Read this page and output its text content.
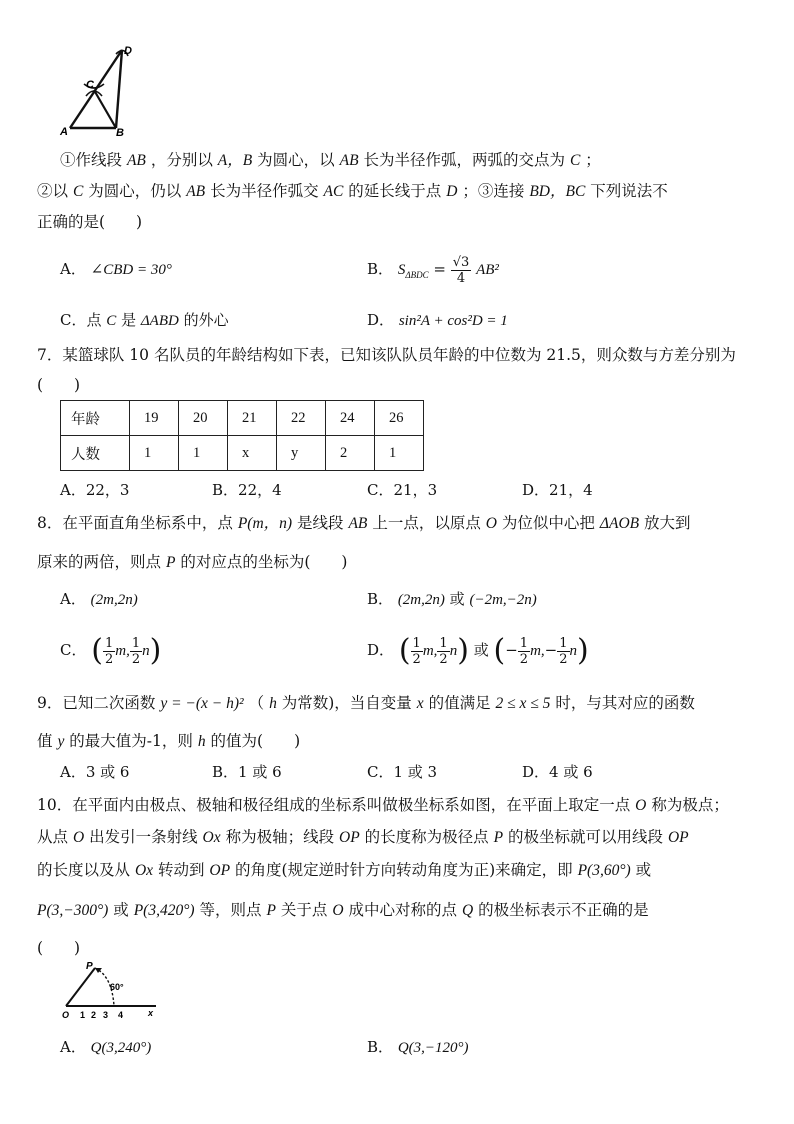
D
C
A	B
①作线段 AB ，分别以 A，B 为圆心，以 AB 长为半径作弧，两弧的交点为 C ；
②以 C 为圆心，仍以 AB 长为半径作弧交 AC 的延长线于点 D ；③连接 BD，BC 下列说法不
正确的是(　　)
A． ∠CBD = 30°	B． $S_{\Delta BDC} = \frac{√3}{4} AB^2$
C．点 C 是 ΔABD 的外心	D． sin²A + cos²D = 1
7．某篮球队 10 名队员的年龄结构如下表，已知该队队员年龄的中位数为 21.5，则众数与方差分别为
(　　)
年龄	19	20	21	22	24	26
人数	1	1	x	y	2	1
A．22，3	B．22，4	C．21，3	D．21，4
8．在平面直角坐标系中，点 P(m，n) 是线段 AB 上一点，以原点 O 为位似中心把 ΔAOB 放大到
原来的两倍，则点 P 的对应点的坐标为(　　)
A． (2m,2n)	B． (2m,2n) 或 (−2m,−2n)
C． ( $\frac{1}{2} m$, $\frac{1}{2} n$)	D． ( $\frac{1}{2} m$, $\frac{1}{2} n$) 或 (− $\frac{1}{2} m,- \frac{1}{2} n$)
9．已知二次函数 y = −(x − h)² （ h 为常数)，当自变量 x 的值满足 2 ≤ x ≤ 5 时，与其对应的函数
值 y 的最大值为-1，则 h 的值为(　　)
A．3 或 6	B．1 或 6	C．1 或 3	D．4 或 6
10．在平面内由极点、极轴和极径组成的坐标系叫做极坐标系如图，在平面上取定一点 O 称为极点；
从点 O 出发引一条射线 Ox 称为极轴；线段 OP 的长度称为极径点 P 的极坐标就可以用线段 OP
的长度以及从 Ox 转动到 OP 的角度(规定逆时针方向转动角度为正)来确定，即 P(3,60°) 或
P(3,−300°) 或 P(3,420°) 等，则点 P 关于点 O 成中心对称的点 Q 的极坐标表示不正确的是
(　　)
P
60°
O 1 2 3 4	x
A． Q(3,240°)	B． Q(3,−120°)
